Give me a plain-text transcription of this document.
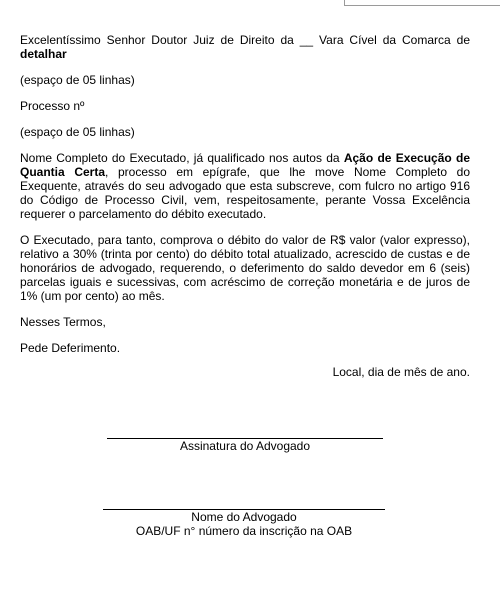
Excelentíssimo Senhor Doutor Juiz de Direito da __ Vara Cível da Comarca de detalhar

(espaço de 05 linhas)

Processo nº

(espaço de 05 linhas)

Nome Completo do Executado, já qualificado nos autos da Ação de Execução de Quantia Certa, processo em epígrafe, que lhe move Nome Completo do Exequente, através do seu advogado que esta subscreve, com fulcro no artigo 916 do Código de Processo Civil, vem, respeitosamente, perante Vossa Excelência requerer o parcelamento do débito executado.

O Executado, para tanto, comprova o débito do valor de R$ valor (valor expresso), relativo a 30% (trinta por cento) do débito total atualizado, acrescido de custas e de honorários de advogado, requerendo, o deferimento do saldo devedor em 6 (seis) parcelas iguais e sucessivas, com acréscimo de correção monetária e de juros de 1% (um por cento) ao mês.

Nesses Termos,

Pede Deferimento.

Local, dia de mês de ano.

Assinatura do Advogado
Nome do Advogado
OAB/UF n° número da inscrição na OAB
